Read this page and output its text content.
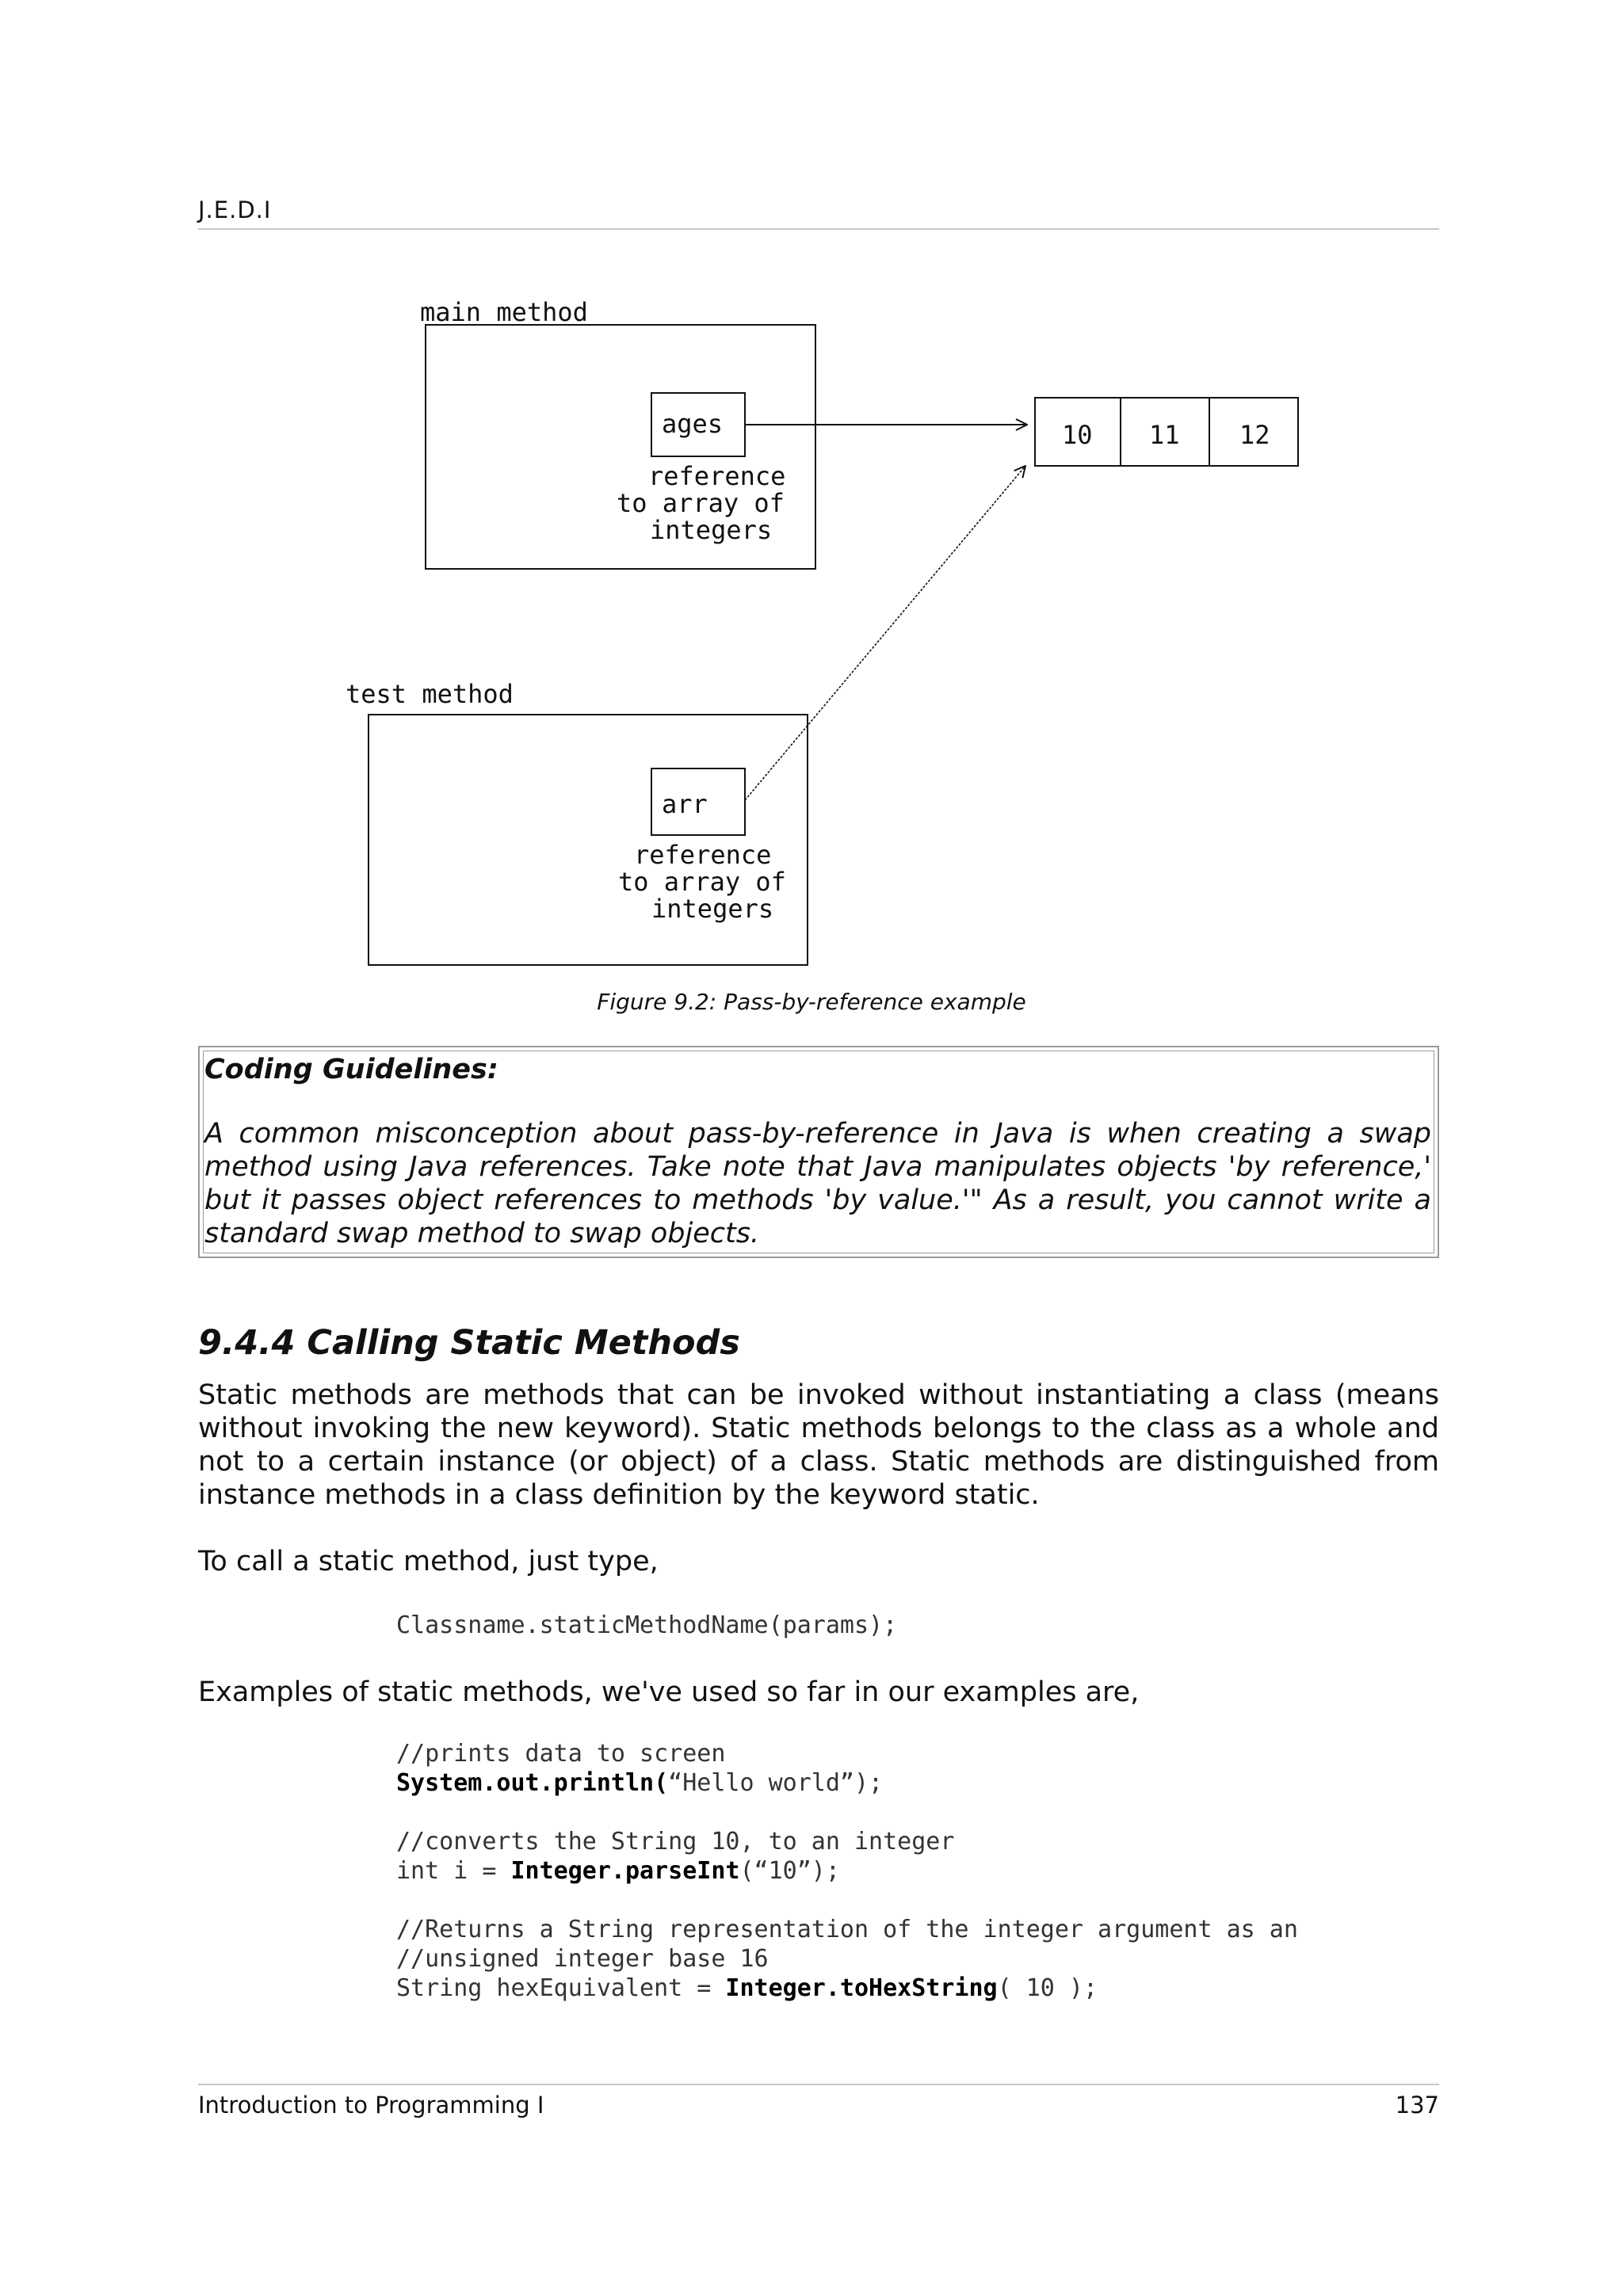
J.E.D.I
main method
ages
reference
to array of
integers
10 11 12
test method
arr
reference
to array of
integers
Figure 9.2: Pass-by-reference example
Coding Guidelines:
A common misconception about pass-by-reference in Java is when creating a swap method using Java references. Take note that Java manipulates objects 'by reference,' but it passes object references to methods 'by value.'" As a result, you cannot write a standard swap method to swap objects.
9.4.4 Calling Static Methods
Static methods are methods that can be invoked without instantiating a class (means without invoking the new keyword). Static methods belongs to the class as a whole and not to a certain instance (or object) of a class. Static methods are distinguished from instance methods in a class definition by the keyword static.
To call a static method, just type,
Classname.staticMethodName(params);
Examples of static methods, we've used so far in our examples are,
//prints data to screen
System.out.println(“Hello world”);

//converts the String 10, to an integer
int i = Integer.parseInt(“10”);

//Returns a String representation of the integer argument as an
//unsigned integer base 16
String hexEquivalent = Integer.toHexString( 10 );
Introduction to Programming I	137
